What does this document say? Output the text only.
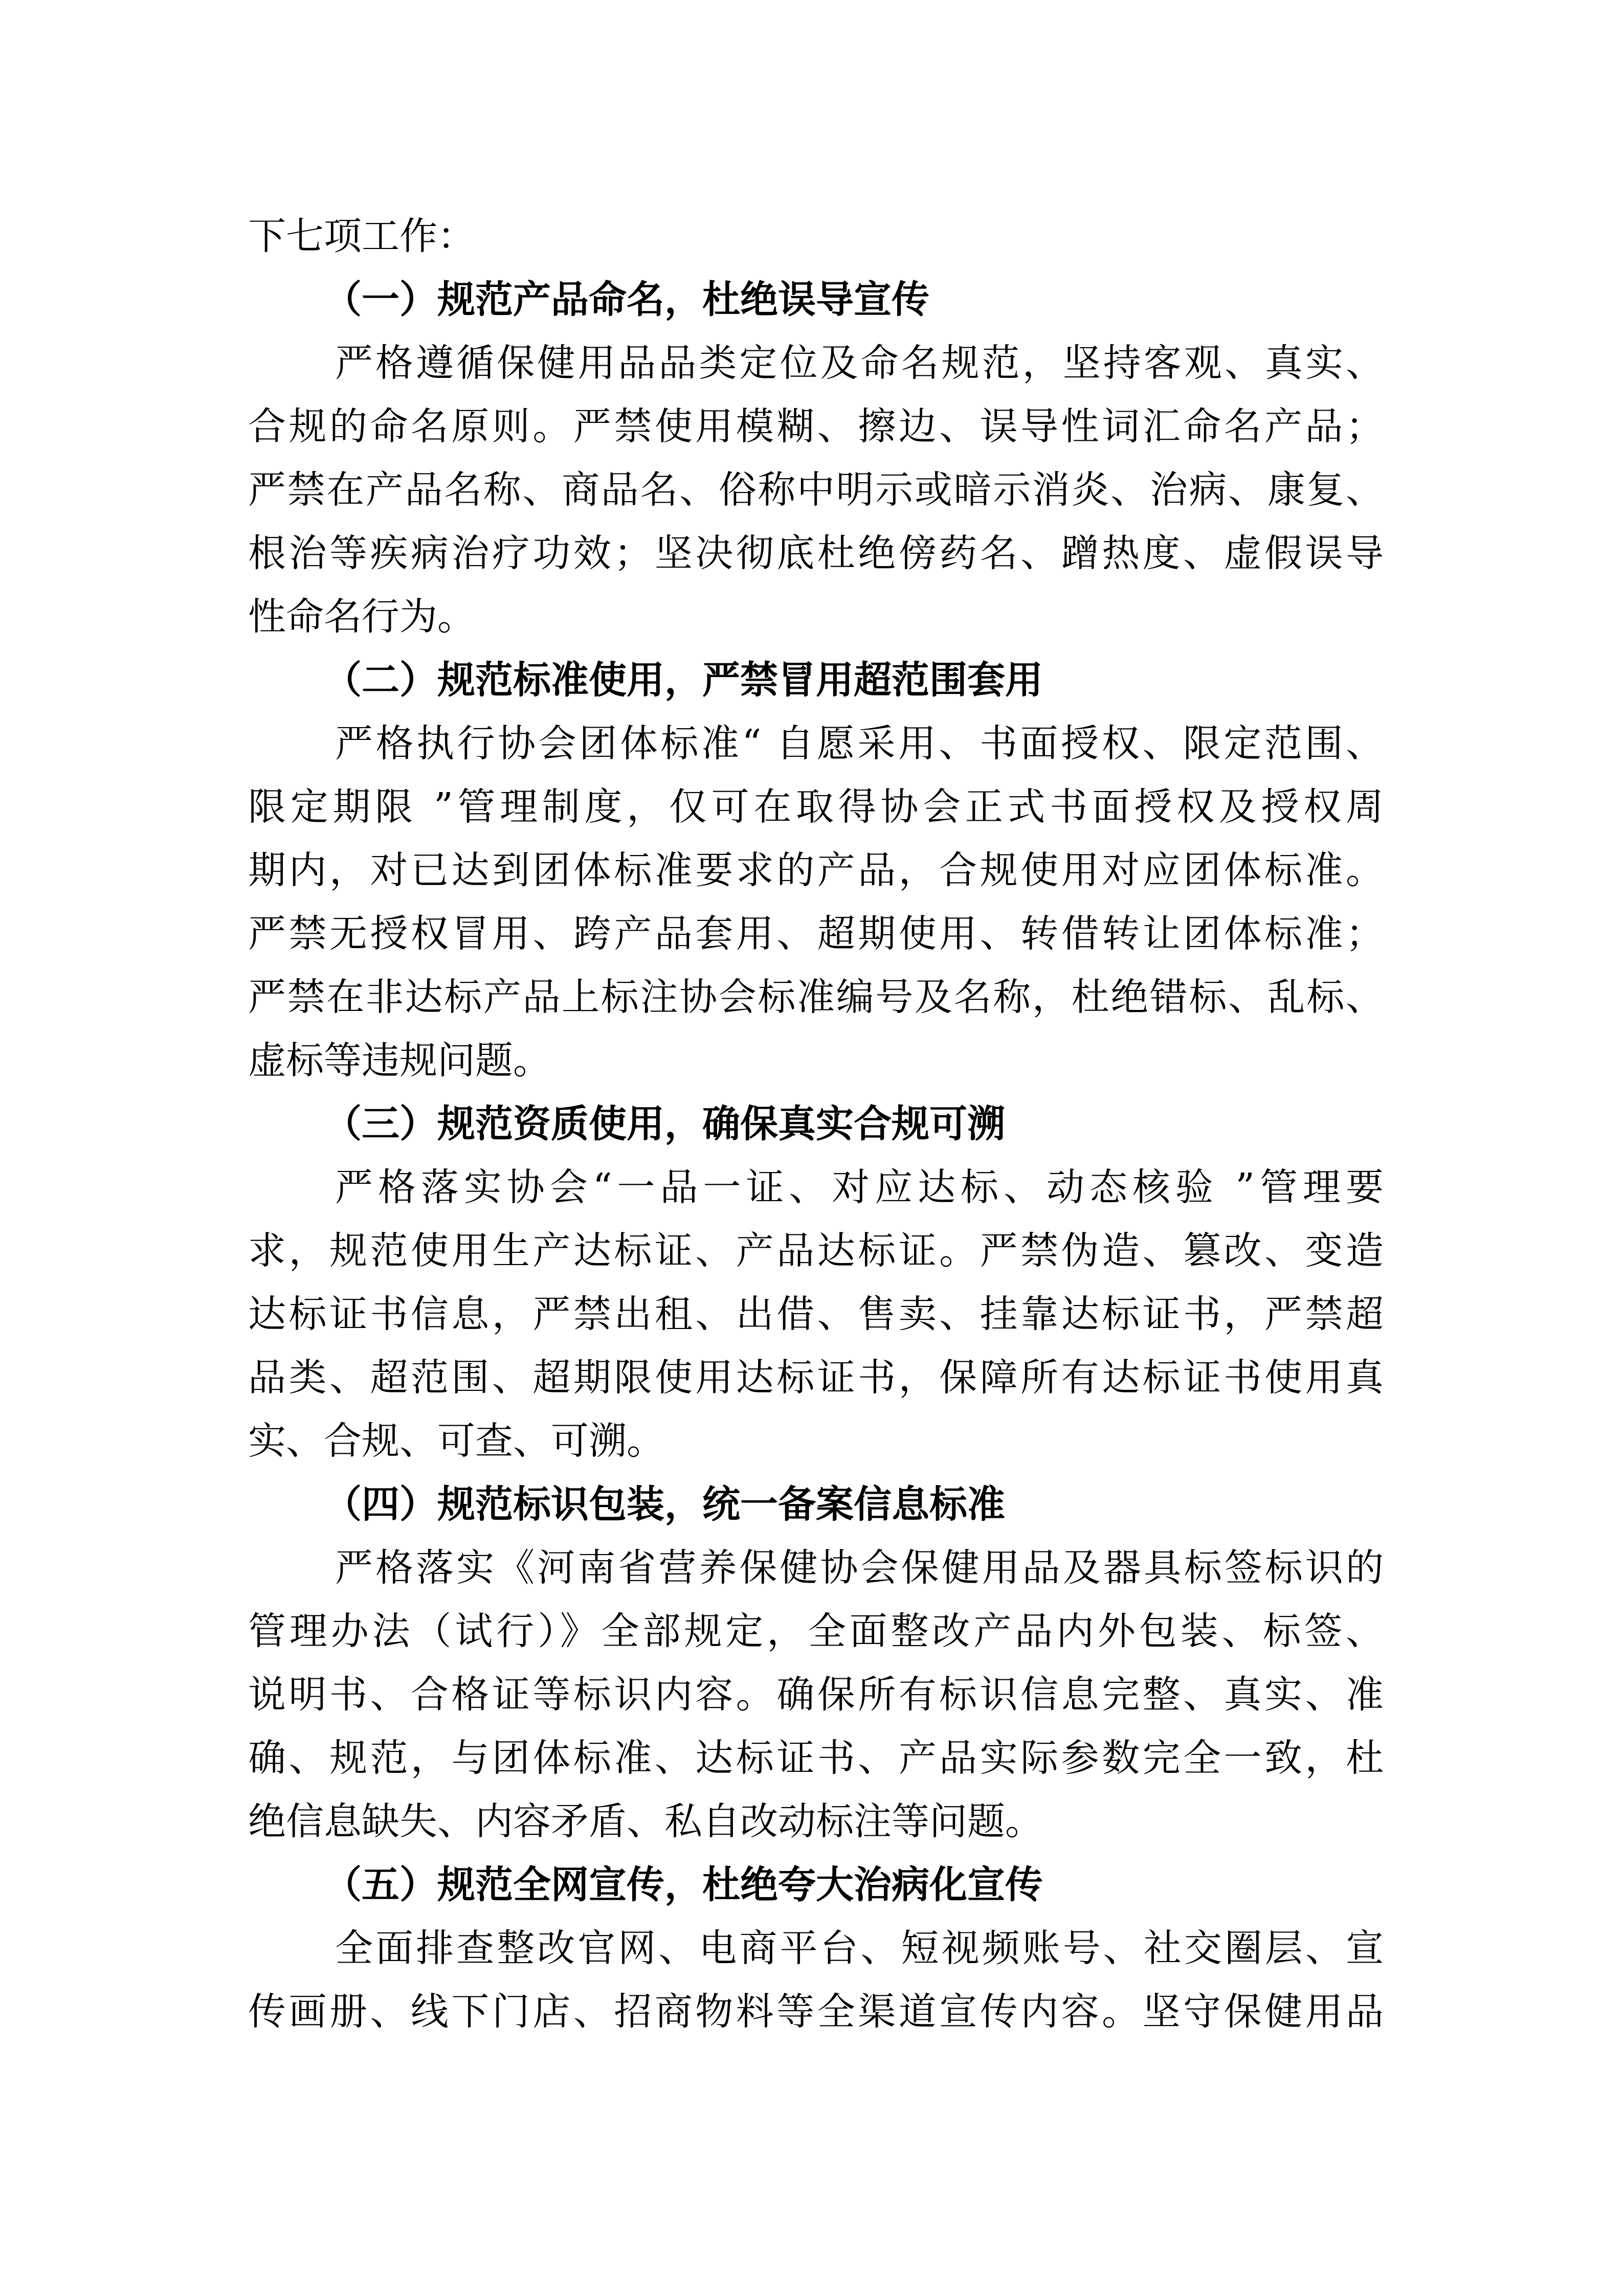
下七项工作：
（一）规范产品命名，杜绝误导宣传
严格遵循保健用品品类定位及命名规范，坚持客观、真实、
合规的命名原则。严禁使用模糊、擦边、误导性词汇命名产品；
严禁在产品名称、商品名、俗称中明示或暗示消炎、治病、康复、
根治等疾病治疗功效；坚决彻底杜绝傍药名、蹭热度、虚假误导
性命名行为。
（二）规范标准使用，严禁冒用超范围套用
严格执行协会团体标准“ 自愿采用、书面授权、限定范围、
限定期限 ”管理制度，仅可在取得协会正式书面授权及授权周
期内，对已达到团体标准要求的产品，合规使用对应团体标准。
严禁无授权冒用、跨产品套用、超期使用、转借转让团体标准；
严禁在非达标产品上标注协会标准编号及名称，杜绝错标、乱标、
虚标等违规问题。
（三）规范资质使用，确保真实合规可溯
严格落实协会“一品一证、对应达标、动态核验 ”管理要
求，规范使用生产达标证、产品达标证。严禁伪造、篡改、变造
达标证书信息，严禁出租、出借、售卖、挂靠达标证书，严禁超
品类、超范围、超期限使用达标证书，保障所有达标证书使用真
实、合规、可查、可溯。
（四）规范标识包装，统一备案信息标准
严格落实《河南省营养保健协会保健用品及器具标签标识的
管理办法（试行）》全部规定，全面整改产品内外包装、标签、
说明书、合格证等标识内容。确保所有标识信息完整、真实、准
确、规范，与团体标准、达标证书、产品实际参数完全一致，杜
绝信息缺失、内容矛盾、私自改动标注等问题。
（五）规范全网宣传，杜绝夸大治病化宣传
全面排查整改官网、电商平台、短视频账号、社交圈层、宣
传画册、线下门店、招商物料等全渠道宣传内容。坚守保健用品
